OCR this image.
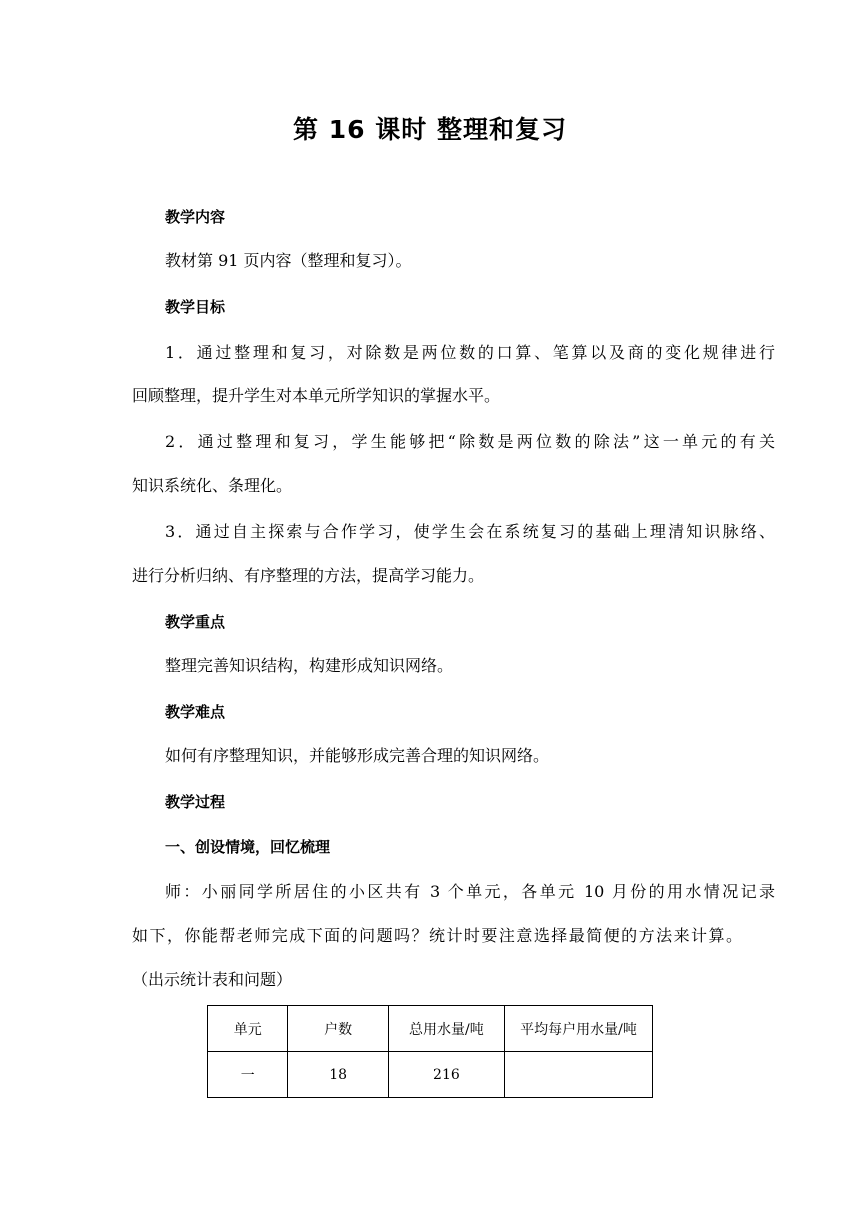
第 16 课时 整理和复习
教学内容
教材第 91 页内容（整理和复习）。
教学目标
1．通过整理和复习，对除数是两位数的口算、笔算以及商的变化规律进行
回顾整理，提升学生对本单元所学知识的掌握水平。
2．通过整理和复习，学生能够把“除数是两位数的除法”这一单元的有关
知识系统化、条理化。
3．通过自主探索与合作学习，使学生会在系统复习的基础上理清知识脉络、
进行分析归纳、有序整理的方法，提高学习能力。
教学重点
整理完善知识结构，构建形成知识网络。
教学难点
如何有序整理知识，并能够形成完善合理的知识网络。
教学过程
一、创设情境，回忆梳理
师：小丽同学所居住的小区共有 3 个单元，各单元 10 月份的用水情况记录
如下，你能帮老师完成下面的问题吗？统计时要注意选择最简便的方法来计算。
（出示统计表和问题）
单元	户数	总用水量/吨	平均每户用水量/吨
一	18	216	
